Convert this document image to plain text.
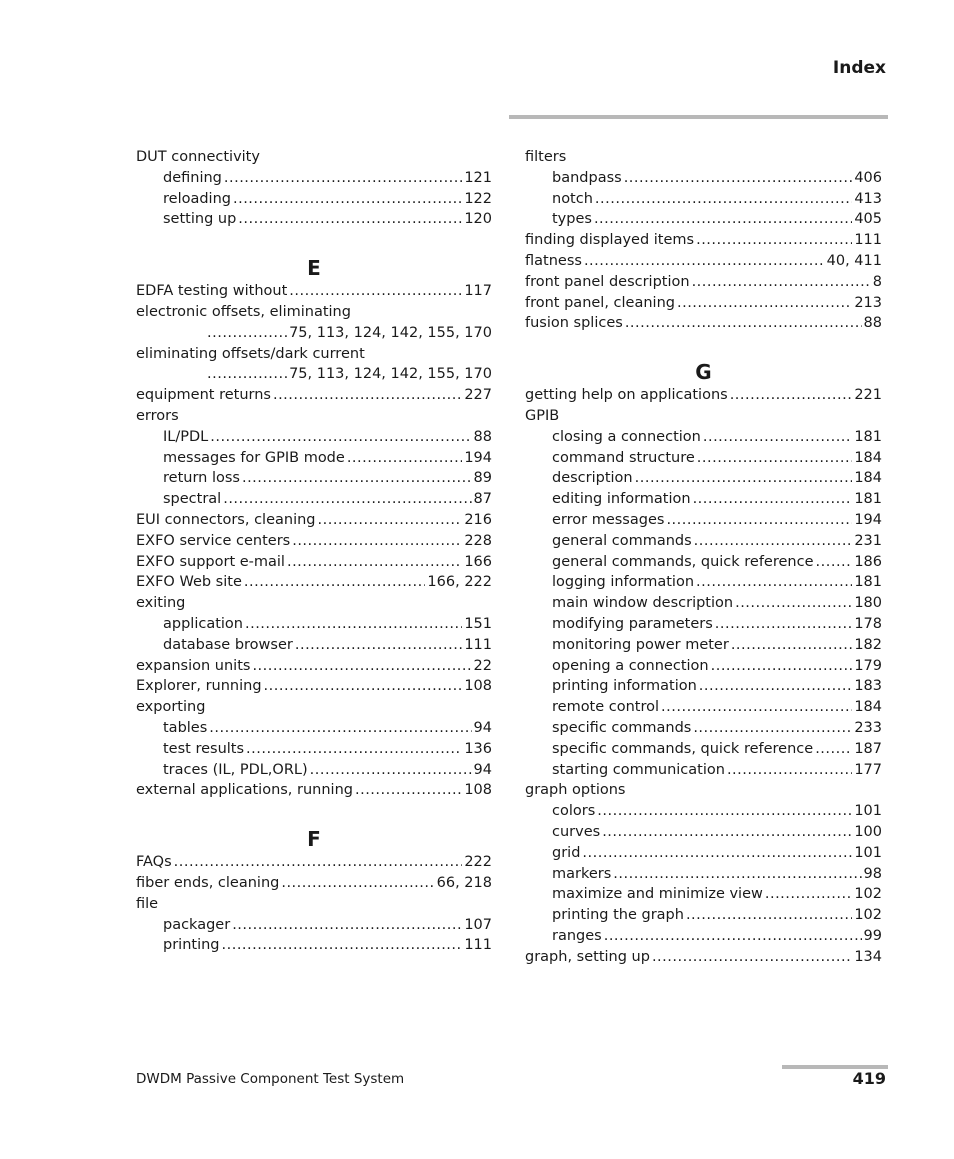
Index
DUT connectivity
defining .....	121
reloading .....	122
setting up .....	120
E
EDFA testing without .....	117
electronic offsets, eliminating
.....
75, 113, 124, 142, 155, 170
eliminating offsets/dark current
.....
75, 113, 124, 142, 155, 170
equipment returns .....	227
errors
IL/PDL .....	88
messages for GPIB mode .....	194
return loss .....	89
spectral .....	87
EUI connectors, cleaning .....	216
EXFO service centers .....	228
EXFO support e-mail .....	166
EXFO Web site .....	166, 222
exiting
application .....	151
database browser .....	111
expansion units .....	22
Explorer, running .....	108
exporting
tables .....	94
test results .....	136
traces (IL, PDL,ORL) .....	94
external applications, running .....	108
F
FAQs .....	222
fiber ends, cleaning .....	66, 218
file
packager .....	107
printing .....	111
filters
bandpass .....	406
notch .....	413
types .....	405
finding displayed items .....	111
flatness .....	40, 411
front panel description .....	8
front panel, cleaning .....	213
fusion splices .....	88
G
getting help on applications .....	221
GPIB
closing a connection .....	181
command structure .....	184
description .....	184
editing information .....	181
error messages .....	194
general commands .....	231
general commands, quick reference .....	186
logging information .....	181
main window description .....	180
modifying parameters .....	178
monitoring power meter .....	182
opening a connection .....	179
printing information .....	183
remote control .....	184
specific commands .....	233
specific commands, quick reference .....	187
starting communication .....	177
graph options
colors .....	101
curves .....	100
grid .....	101
markers .....	98
maximize and minimize view .....	102
printing the graph .....	102
ranges .....	99
graph, setting up .....	134
DWDM Passive Component Test System	419
